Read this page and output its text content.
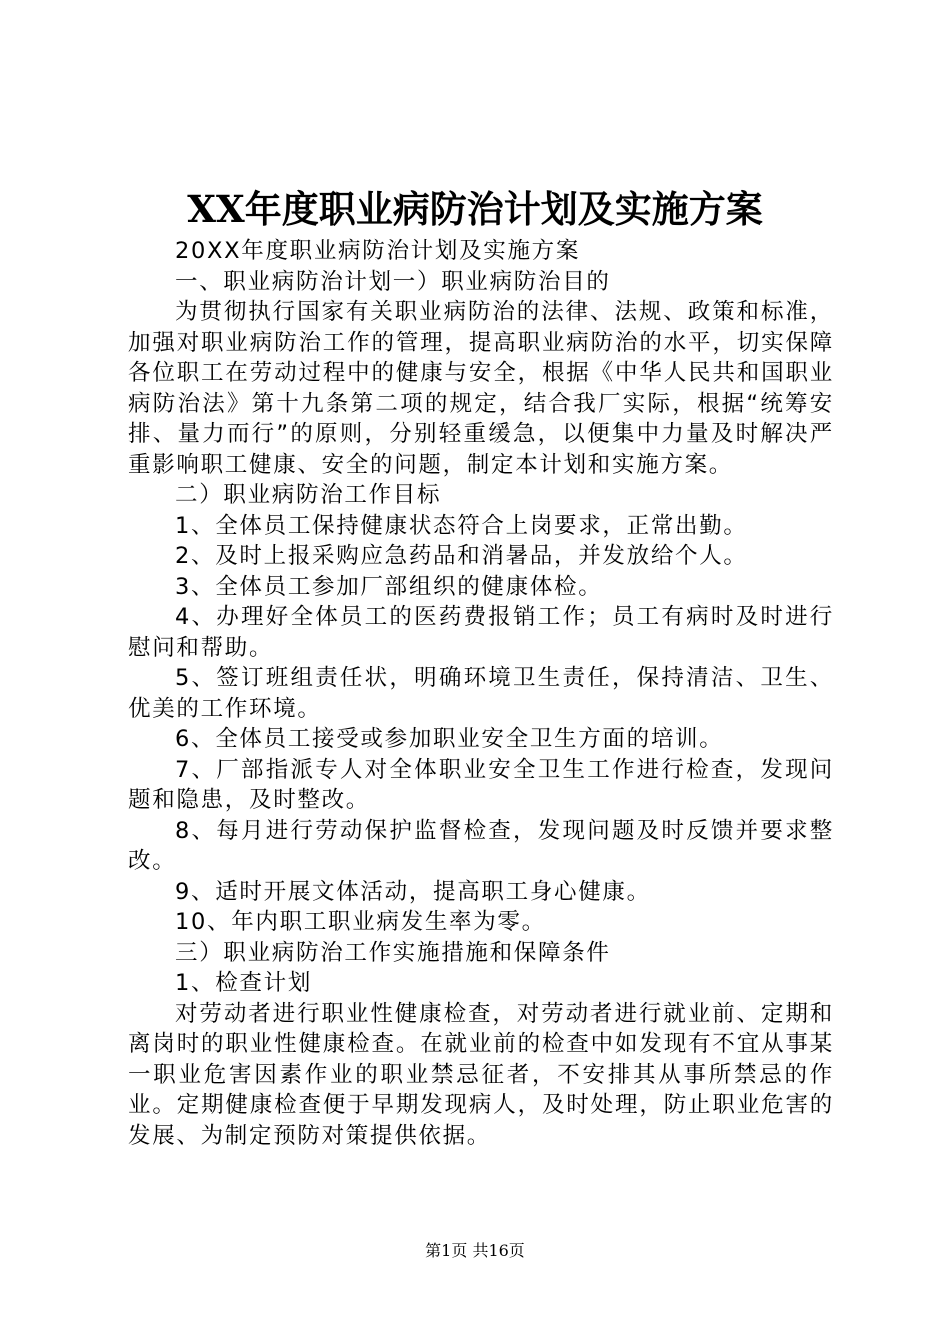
XX年度职业病防治计划及实施方案

20XX年度职业病防治计划及实施方案

一、职业病防治计划一）职业病防治目的

为贯彻执行国家有关职业病防治的法律、法规、政策和标准，加强对职业病防治工作的管理，提高职业病防治的水平，切实保障各位职工在劳动过程中的健康与安全，根据《中华人民共和国职业病防治法》第十九条第二项的规定，结合我厂实际，根据“统筹安排、量力而行”的原则，分别轻重缓急，以便集中力量及时解决严重影响职工健康、安全的问题，制定本计划和实施方案。

二）职业病防治工作目标

1、全体员工保持健康状态符合上岗要求，正常出勤。

2、及时上报采购应急药品和消暑品，并发放给个人。

3、全体员工参加厂部组织的健康体检。

4、办理好全体员工的医药费报销工作；员工有病时及时进行慰问和帮助。

5、签订班组责任状，明确环境卫生责任，保持清洁、卫生、优美的工作环境。

6、全体员工接受或参加职业安全卫生方面的培训。

7、厂部指派专人对全体职业安全卫生工作进行检查，发现问题和隐患，及时整改。

8、每月进行劳动保护监督检查，发现问题及时反馈并要求整改。

9、适时开展文体活动，提高职工身心健康。

10、年内职工职业病发生率为零。

三）职业病防治工作实施措施和保障条件

1、检查计划

对劳动者进行职业性健康检查，对劳动者进行就业前、定期和离岗时的职业性健康检查。在就业前的检查中如发现有不宜从事某一职业危害因素作业的职业禁忌征者，不安排其从事所禁忌的作业。定期健康检查便于早期发现病人，及时处理，防止职业危害的发展、为制定预防对策提供依据。

第1页 共16页
